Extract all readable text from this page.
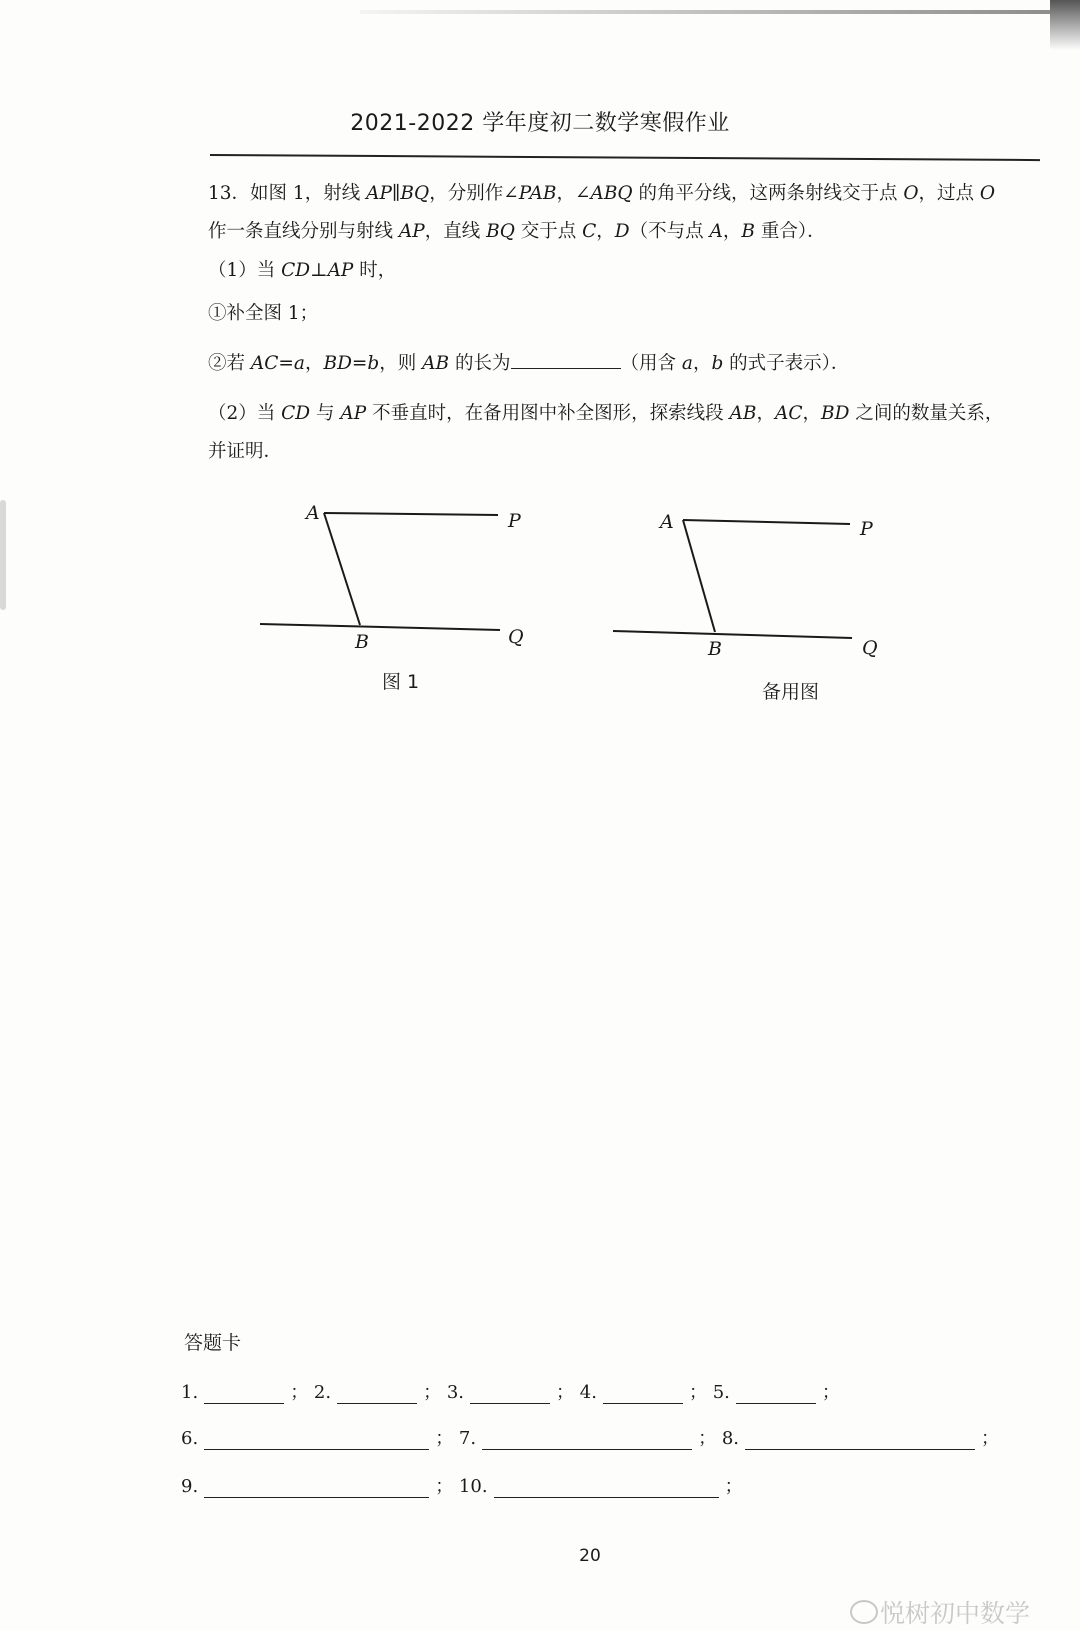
2021-2022 学年度初二数学寒假作业
13．如图 1，射线 AP∥BQ，分别作∠PAB，∠ABQ 的角平分线，这两条射线交于点 O，过点 O
作一条直线分别与射线 AP，直线 BQ 交于点 C，D（不与点 A，B 重合）．
（1）当 CD⊥AP 时，
①补全图 1；
②若 AC=a，BD=b，则 AB 的长为	（用含 a，b 的式子表示）．
（2）当 CD 与 AP 不垂直时，在备用图中补全图形，探索线段 AB，AC，BD 之间的数量关系，
并证明．
A	P
B	Q
图 1
A	P
B	Q
备用图
答题卡
1.	； 2.	； 3.	； 4.	； 5.	；
6.	； 7.	； 8.	；
9.	； 10.	；
20
悦树初中数学
